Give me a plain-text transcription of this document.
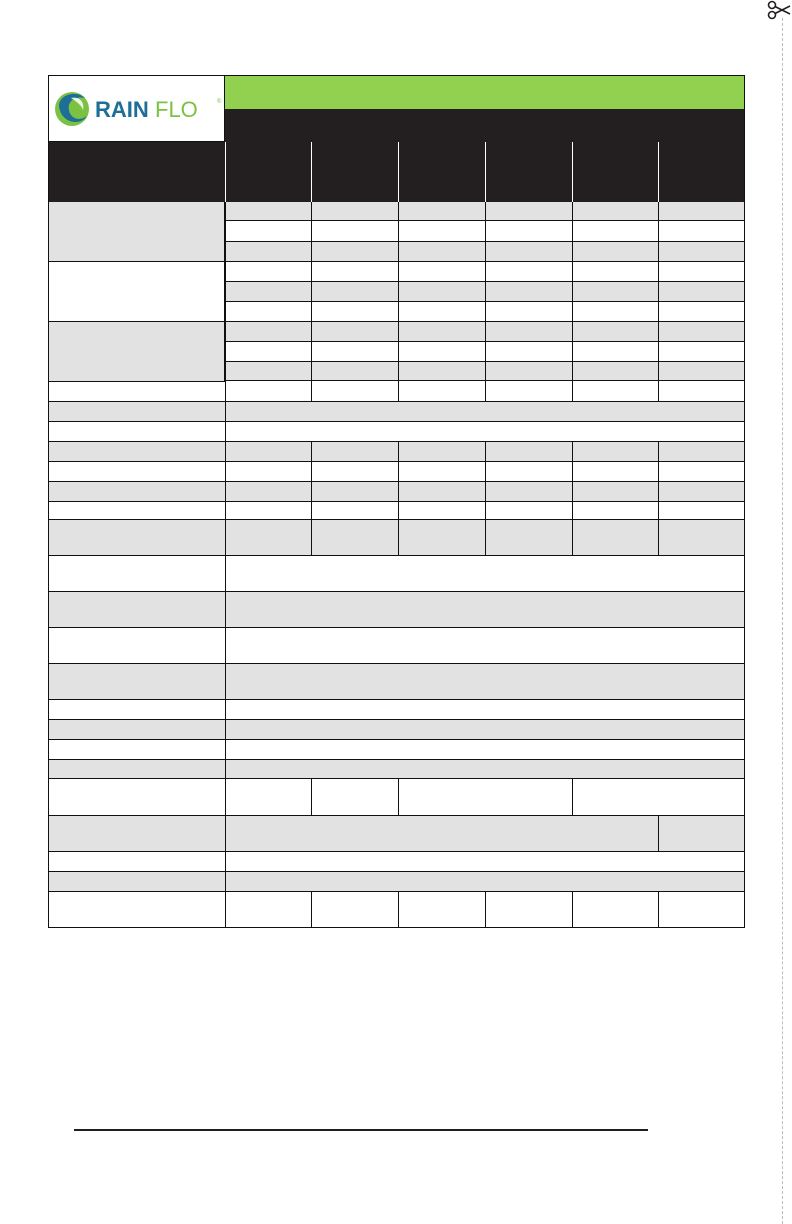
RAIN FLO	®
